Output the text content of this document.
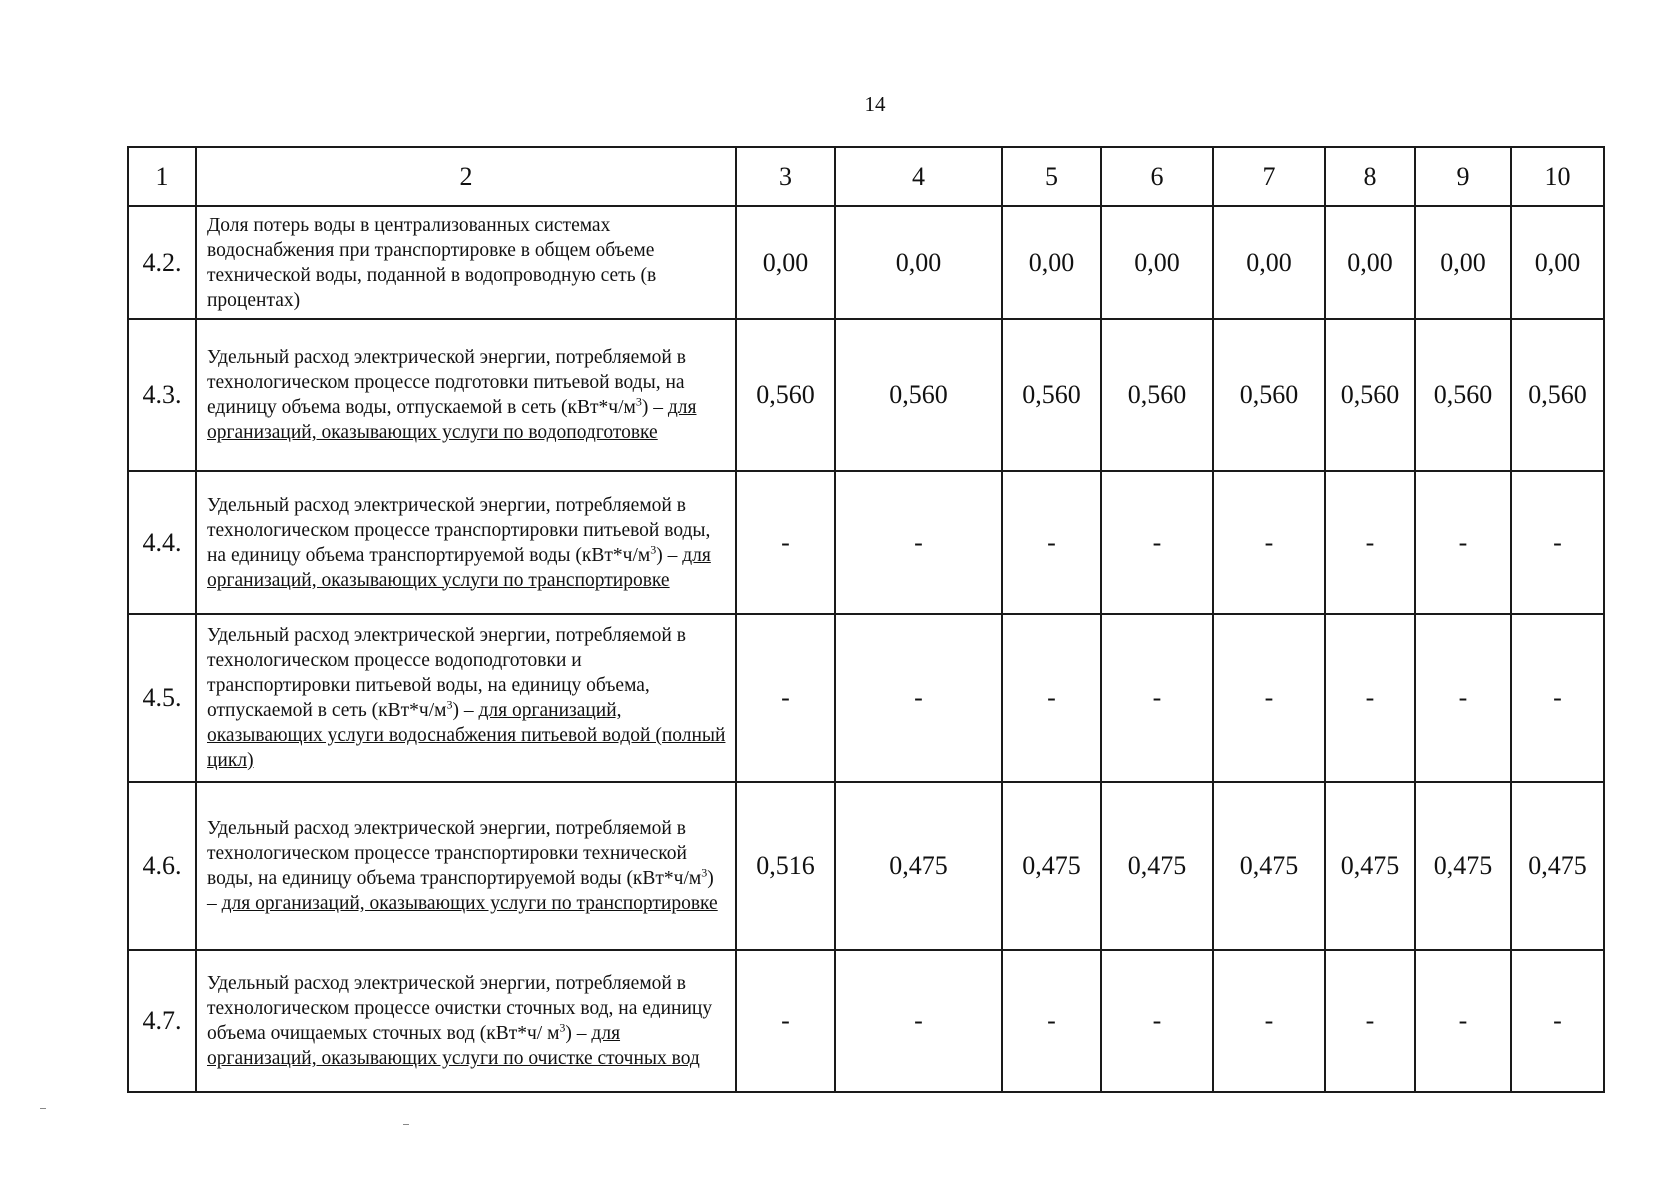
14
1	2	3	4	5	6	7	8	9	10
4.2.	Доля потерь воды в централизованных системах водоснабжения при транспортировке в общем объеме технической воды, поданной в водопроводную сеть (в процентах)	0,00	0,00	0,00	0,00	0,00	0,00	0,00	0,00
4.3.	Удельный расход электрической энергии, потребляемой в технологическом процессе подготовки питьевой воды, на единицу объема воды, отпускаемой в сеть $(кВт*ч/м^3)$ – для организаций, оказывающих услуги по водоподготовке	0,560	0,560	0,560	0,560	0,560	0,560	0,560	0,560
4.4.	Удельный расход электрической энергии, потребляемой в технологическом процессе транспортировки питьевой воды, на единицу объема транспортируемой воды $(кВт*ч/м^3)$ – для организаций, оказывающих услуги по транспортировке	-	-	-	-	-	-	-	-
4.5.	Удельный расход электрической энергии, потребляемой в технологическом процессе водоподготовки и транспортировки питьевой воды, на единицу объема, отпускаемой в сеть $(кВт*ч/м^3)$ – для организаций, оказывающих услуги водоснабжения питьевой водой (полный цикл)	-	-	-	-	-	-	-	-
4.6.	Удельный расход электрической энергии, потребляемой в технологическом процессе транспортировки технической воды, на единицу объема транспортируемой воды $(кВт*ч/м^3)$ – для организаций, оказывающих услуги по транспортировке	0,516	0,475	0,475	0,475	0,475	0,475	0,475	0,475
4.7.	Удельный расход электрической энергии, потребляемой в технологическом процессе очистки сточных вод, на единицу объема очищаемых сточных вод (кВт*ч/ $м^3$) – для организаций, оказывающих услуги по очистке сточных вод	-	-	-	-	-	-	-	-
